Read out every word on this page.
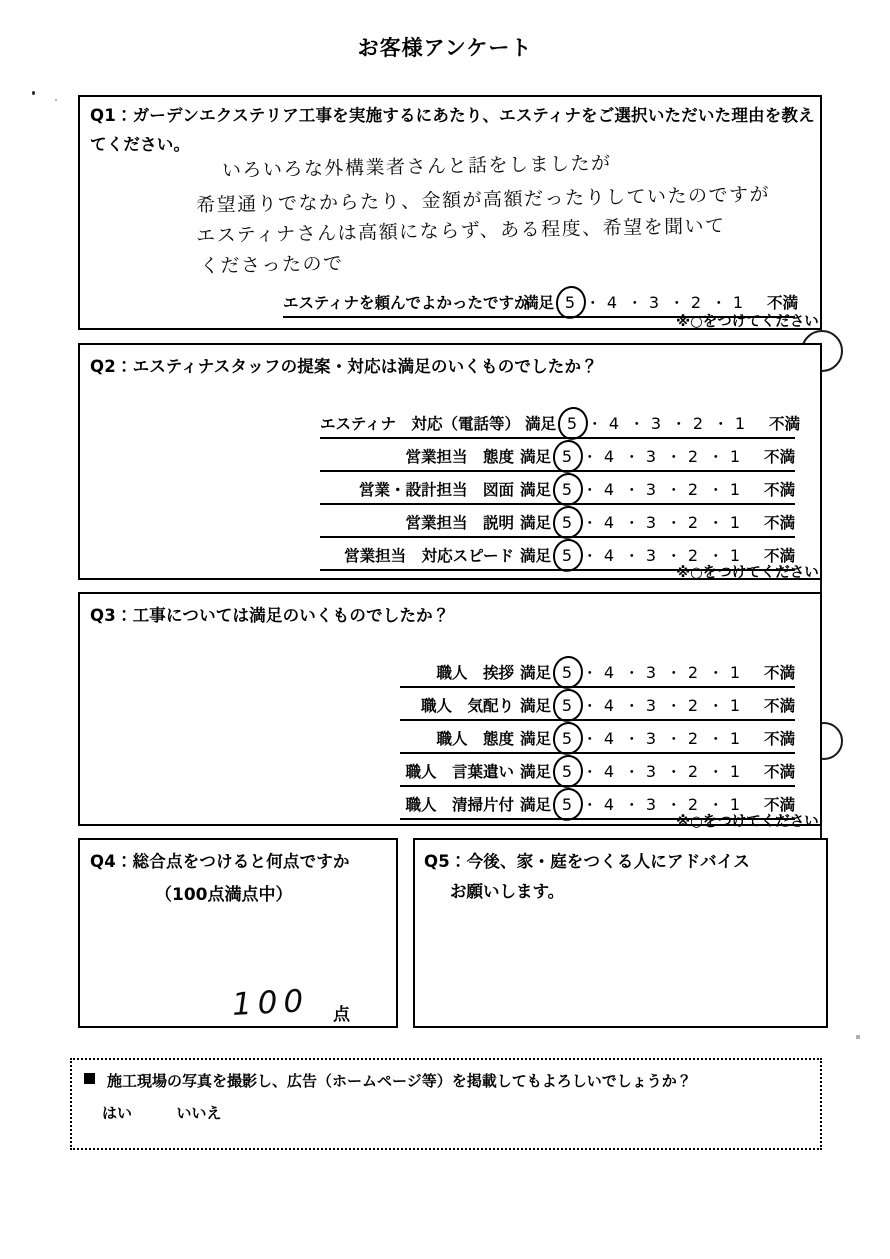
お客様アンケート
Q1：ガーデンエクステリア工事を実施するにあたり、エスティナをご選択いただいた理由を教え
てください。
いろいろな外構業者さんと話をしましたが
希望通りでなからたり、金額が高額だったりしていたのですが
エスティナさんは高額にならず、ある程度、希望を聞いて
くださったので
エスティナを頼んでよかったですか
満足 5 ・ 4 ・ 3 ・ 2 ・ 1	不満
※○をつけてください
Q2：エスティナスタッフの提案・対応は満足のいくものでしたか？
エスティナ　対応（電話等） 満足 5 ・ 4 ・ 3 ・ 2 ・ 1	不満
営業担当　態度 満足 5 ・ 4 ・ 3 ・ 2 ・ 1	不満
営業・設計担当　図面 満足 5 ・ 4 ・ 3 ・ 2 ・ 1	不満
営業担当　説明 満足 5 ・ 4 ・ 3 ・ 2 ・ 1	不満
営業担当　対応スピード 満足 5 ・ 4 ・ 3 ・ 2 ・ 1	不満
※○をつけてください
Q3：工事については満足のいくものでしたか？
職人　挨拶 満足 5 ・ 4 ・ 3 ・ 2 ・ 1	不満
職人　気配り 満足 5 ・ 4 ・ 3 ・ 2 ・ 1	不満
職人　態度 満足 5 ・ 4 ・ 3 ・ 2 ・ 1	不満
職人　言葉遣い 満足 5 ・ 4 ・ 3 ・ 2 ・ 1	不満
職人　清掃片付 満足 5 ・ 4 ・ 3 ・ 2 ・ 1	不満
※○をつけてください
Q4：総合点をつけると何点ですか
（100点満点中）
100 点
Q5：今後、家・庭をつくる人にアドバイス
お願いします。
施工現場の写真を撮影し、広告（ホームページ等）を掲載してもよろしいでしょうか？
はい	いいえ
